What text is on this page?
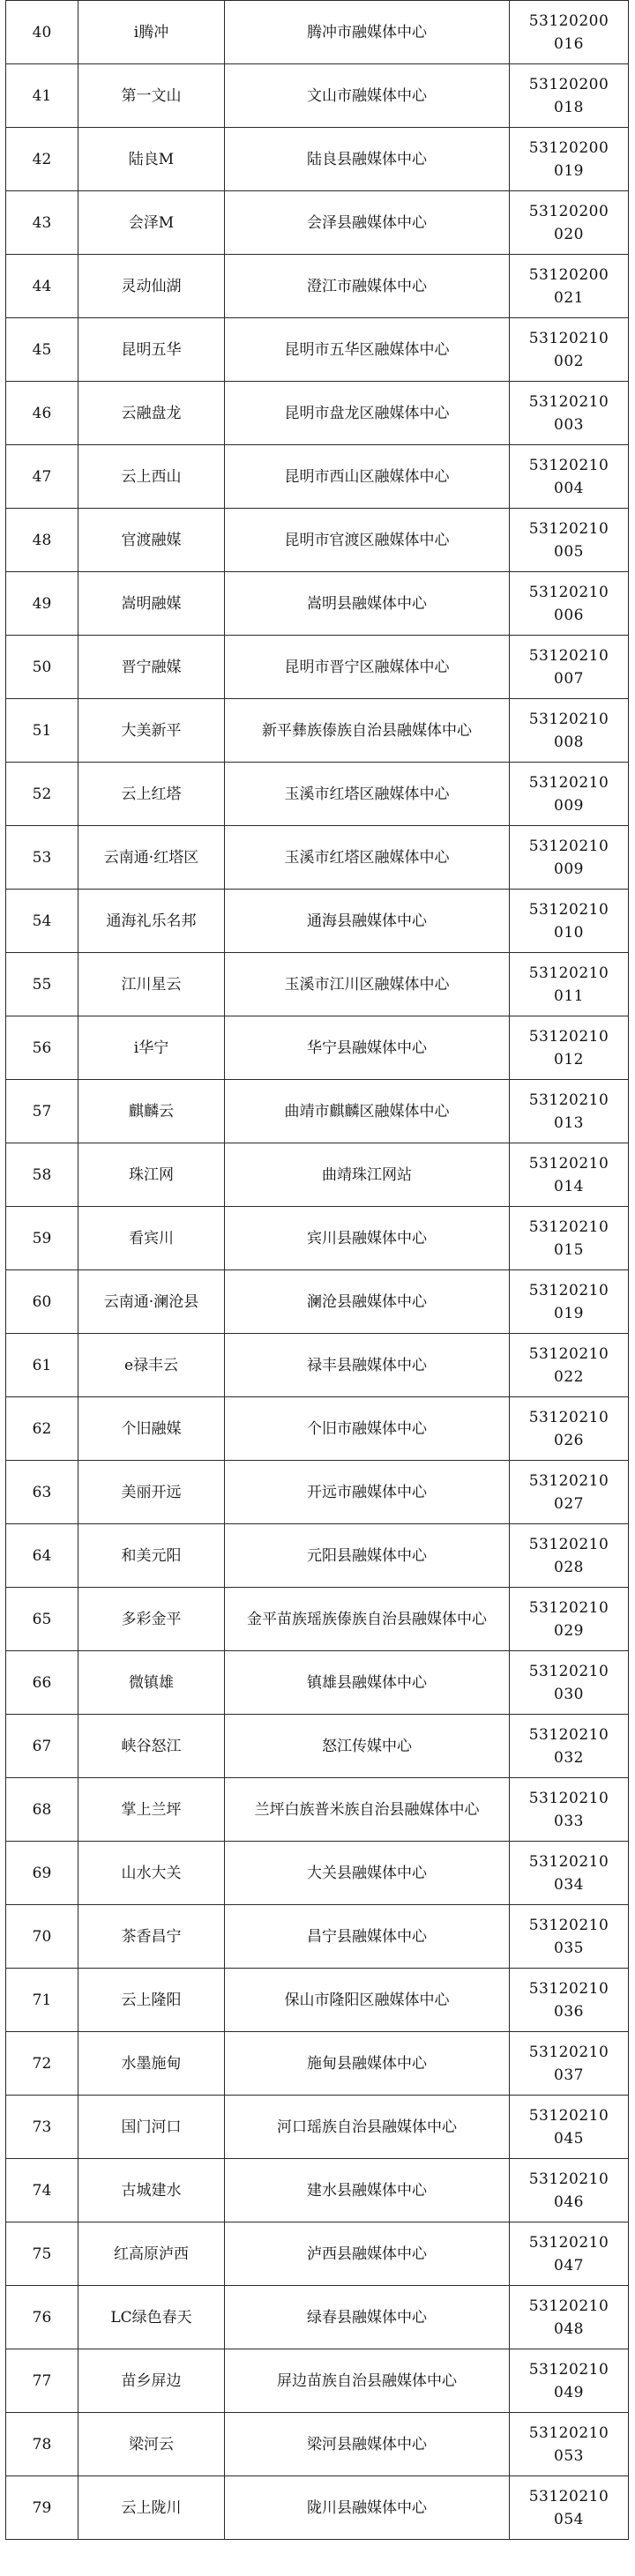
40	i腾冲	腾冲市融媒体中心	53120200016
41	第一文山	文山市融媒体中心	53120200018
42	陆良M	陆良县融媒体中心	53120200019
43	会泽M	会泽县融媒体中心	53120200020
44	灵动仙湖	澄江市融媒体中心	53120200021
45	昆明五华	昆明市五华区融媒体中心	53120210002
46	云融盘龙	昆明市盘龙区融媒体中心	53120210003
47	云上西山	昆明市西山区融媒体中心	53120210004
48	官渡融媒	昆明市官渡区融媒体中心	53120210005
49	嵩明融媒	嵩明县融媒体中心	53120210006
50	晋宁融媒	昆明市晋宁区融媒体中心	53120210007
51	大美新平	新平彝族傣族自治县融媒体中心	53120210008
52	云上红塔	玉溪市红塔区融媒体中心	53120210009
53	云南通·红塔区	玉溪市红塔区融媒体中心	53120210009
54	通海礼乐名邦	通海县融媒体中心	53120210010
55	江川星云	玉溪市江川区融媒体中心	53120210011
56	i华宁	华宁县融媒体中心	53120210012
57	麒麟云	曲靖市麒麟区融媒体中心	53120210013
58	珠江网	曲靖珠江网站	53120210014
59	看宾川	宾川县融媒体中心	53120210015
60	云南通·澜沧县	澜沧县融媒体中心	53120210019
61	e禄丰云	禄丰县融媒体中心	53120210022
62	个旧融媒	个旧市融媒体中心	53120210026
63	美丽开远	开远市融媒体中心	53120210027
64	和美元阳	元阳县融媒体中心	53120210028
65	多彩金平	金平苗族瑶族傣族自治县融媒体中心	53120210029
66	微镇雄	镇雄县融媒体中心	53120210030
67	峡谷怒江	怒江传媒中心	53120210032
68	掌上兰坪	兰坪白族普米族自治县融媒体中心	53120210033
69	山水大关	大关县融媒体中心	53120210034
70	茶香昌宁	昌宁县融媒体中心	53120210035
71	云上隆阳	保山市隆阳区融媒体中心	53120210036
72	水墨施甸	施甸县融媒体中心	53120210037
73	国门河口	河口瑶族自治县融媒体中心	53120210045
74	古城建水	建水县融媒体中心	53120210046
75	红高原泸西	泸西县融媒体中心	53120210047
76	LC绿色春天	绿春县融媒体中心	53120210048
77	苗乡屏边	屏边苗族自治县融媒体中心	53120210049
78	梁河云	梁河县融媒体中心	53120210053
79	云上陇川	陇川县融媒体中心	53120210054
